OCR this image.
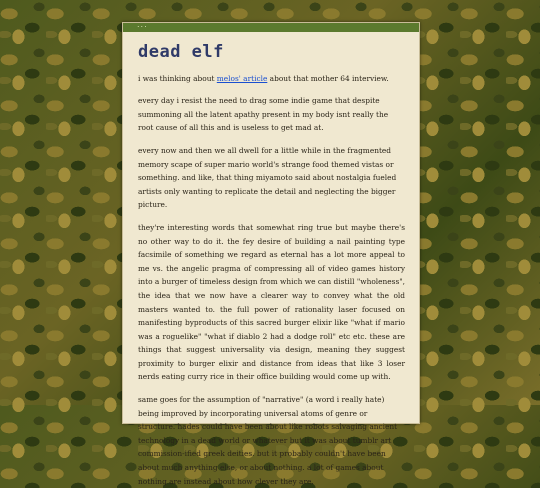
...
dead elf

i was thinking about melos' article about that mother 64 interview.

every day i resist the need to drag some indie game that despite summoning all the latent apathy present in my body isnt really the root cause of all this and is useless to get mad at.

every now and then we all dwell for a little while in the fragmented memory scape of super mario world's strange food themed vistas or something. and like, that thing miyamoto said about nostalgia fueled artists only wanting to replicate the detail and neglecting the bigger picture.

they're interesting words that somewhat ring true but maybe there's no other way to do it. the fey desire of building a nail painting type facsimile of something we regard as eternal has a lot more appeal to me vs. the angelic pragma of compressing all of video games history into a burger of timeless design from which we can distill "wholeness", the idea that we now have a clearer way to convey what the old masters wanted to. the full power of rationality laser focused on manifesting byproducts of this sacred burger elixir like "what if mario was a roguelike" "what if diablo 2 had a dodge roll" etc etc. these are things that suggest universality via design, meaning they suggest proximity to burger elixir and distance from ideas that like 3 loser nerds eating curry rice in their office building would come up with.

same goes for the assumption of "narrative" (a word i really hate) being improved by incorporating universal atoms of genre or structure. hades could have been about like robots salvaging ancient technology in a dead world or whatever but it was about tumblr art commission-ified greek deities. but it probably couldn't have been about much anything else, or about nothing. a lot of games about nothing are instead about how clever they are.
